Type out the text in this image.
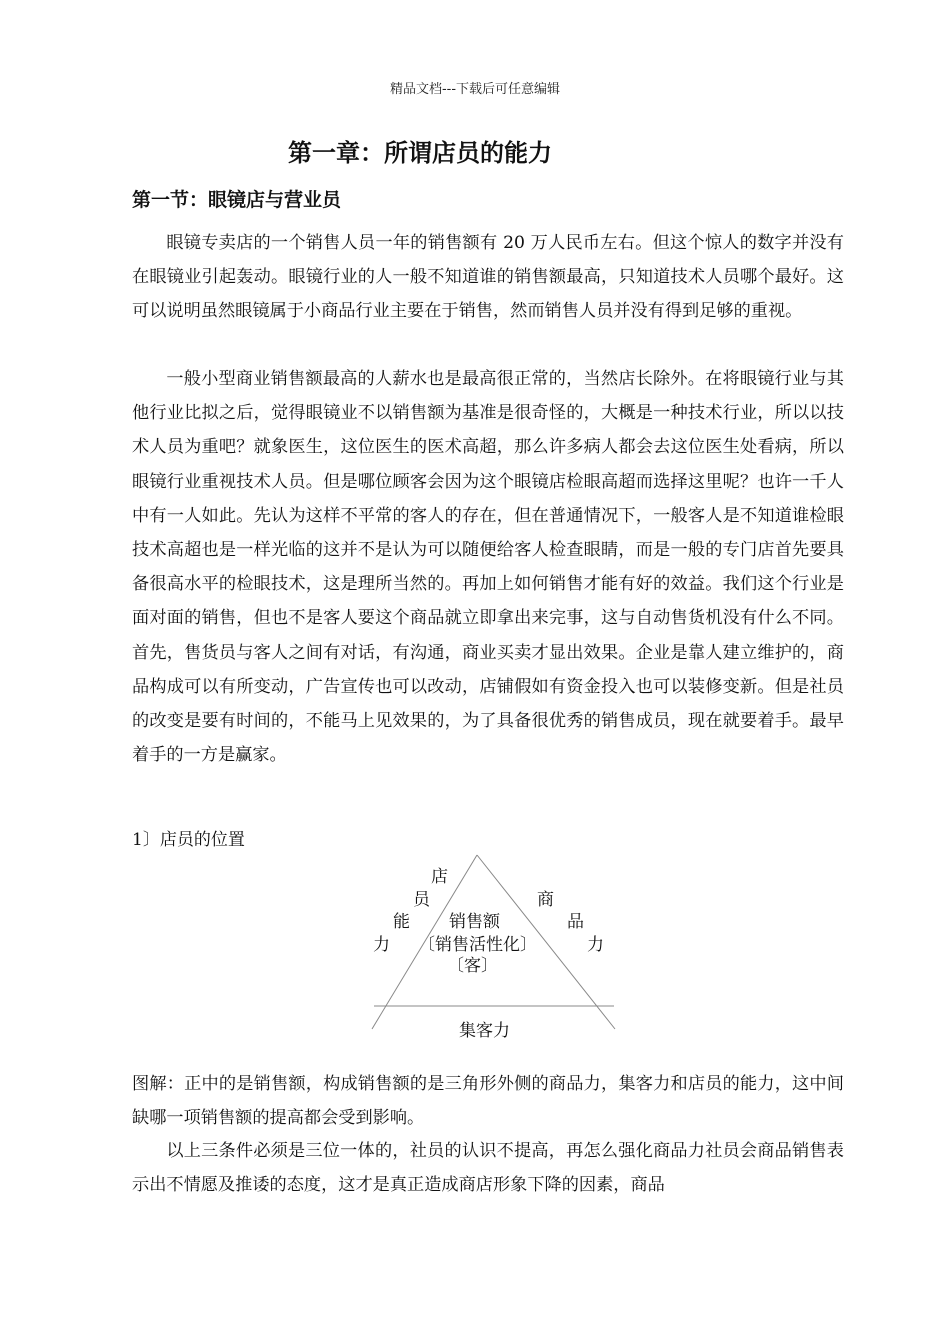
精品文档---下载后可任意编辑
第一章：所谓店员的能力
第一节：眼镜店与营业员

眼镜专卖店的一个销售人员一年的销售额有 20 万人民币左右。但这个惊人的数字并没有在眼镜业引起轰动。眼镜行业的人一般不知道谁的销售额最高，只知道技术人员哪个最好。这可以说明虽然眼镜属于小商品行业主要在于销售，然而销售人员并没有得到足够的重视。

一般小型商业销售额最高的人薪水也是最高很正常的，当然店长除外。在将眼镜行业与其他行业比拟之后，觉得眼镜业不以销售额为基准是很奇怪的，大概是一种技术行业，所以以技术人员为重吧？就象医生，这位医生的医术高超，那么许多病人都会去这位医生处看病，所以眼镜行业重视技术人员。但是哪位顾客会因为这个眼镜店检眼高超而选择这里呢？也许一千人中有一人如此。先认为这样不平常的客人的存在，但在普通情况下，一般客人是不知道谁检眼技术高超也是一样光临的这并不是认为可以随便给客人检查眼睛，而是一般的专门店首先要具备很高水平的检眼技术，这是理所当然的。再加上如何销售才能有好的效益。我们这个行业是面对面的销售，但也不是客人要这个商品就立即拿出来完事，这与自动售货机没有什么不同。首先，售货员与客人之间有对话，有沟通，商业买卖才显出效果。企业是靠人建立维护的，商品构成可以有所变动，广告宣传也可以改动，店铺假如有资金投入也可以装修变新。但是社员的改变是要有时间的，不能马上见效果的，为了具备很优秀的销售成员，现在就要着手。最早着手的一方是赢家。

1〕店员的位置
店
员
能
力
商
品
力
销售额
〔销售活性化〕
〔客〕
集客力

图解：正中的是销售额，构成销售额的是三角形外侧的商品力，集客力和店员的能力，这中间缺哪一项销售额的提高都会受到影响。

以上三条件必须是三位一体的，社员的认识不提高，再怎么强化商品力社员会商品销售表示出不情愿及推诿的态度，这才是真正造成商店形象下降的因素，商品
